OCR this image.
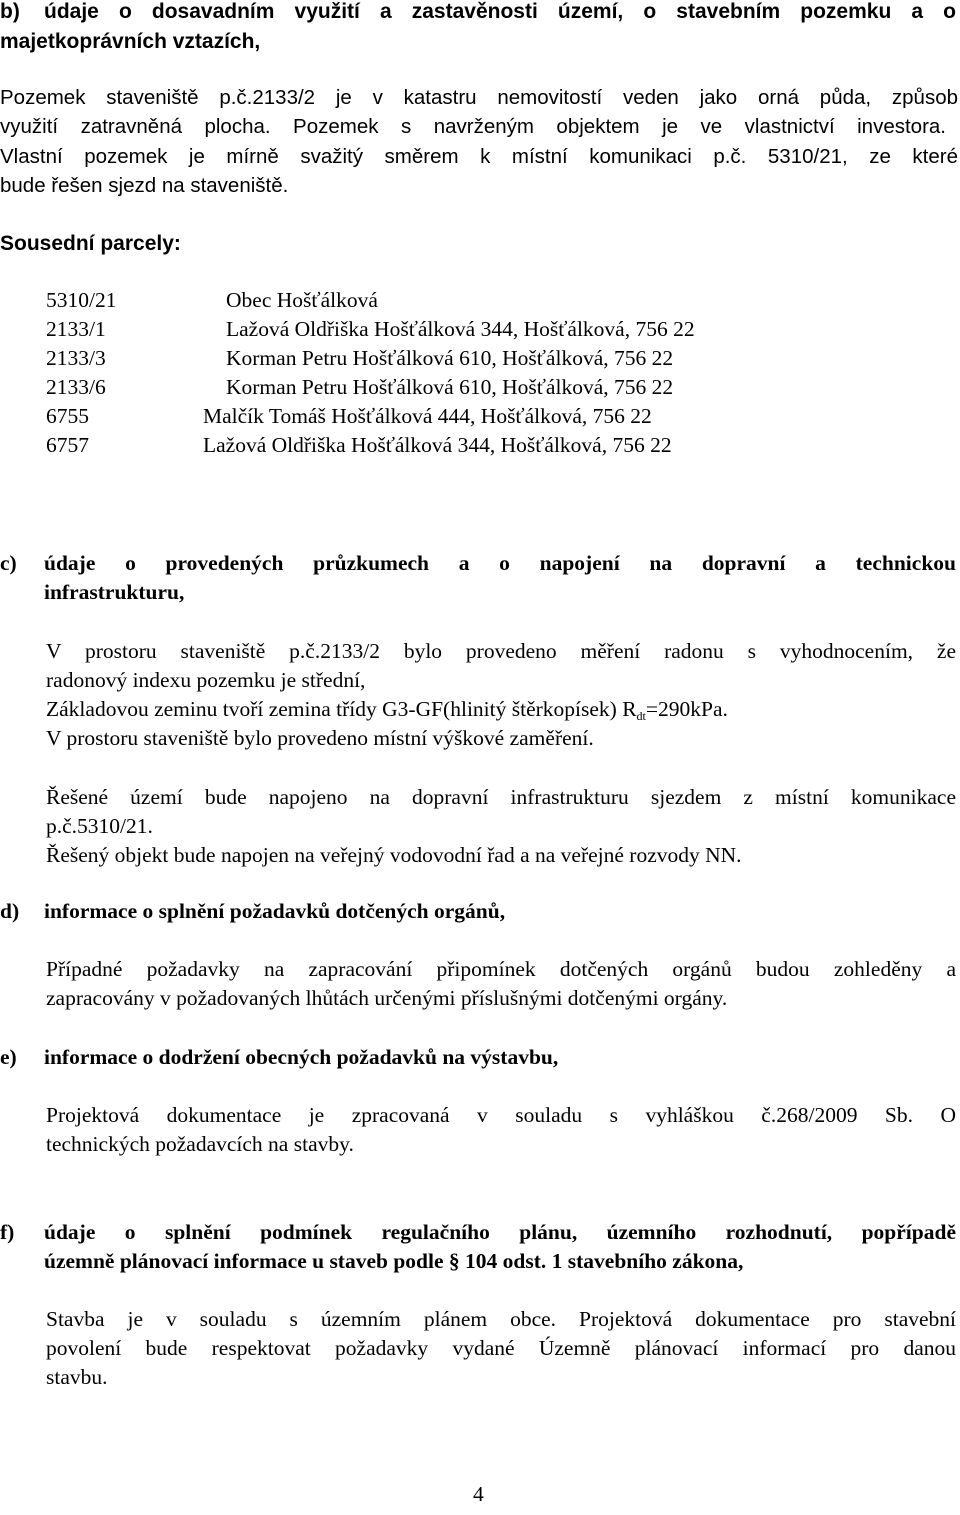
b) údaje o dosavadním využití a zastavěnosti území, o stavebním pozemku a o
majetkoprávních vztazích,
Pozemek staveniště p.č.2133/2 je v katastru nemovitostí veden jako orná půda, způsob
využití zatravněná plocha. Pozemek s navrženým objektem je ve vlastnictví investora.
Vlastní pozemek je mírně svažitý směrem k místní komunikaci p.č. 5310/21, ze které
bude řešen sjezd na staveniště.
Sousední parcely:
5310/21	Obec Hošťálková
2133/1	Lažová Oldřiška Hošťálková 344, Hošťálková, 756 22
2133/3	Korman Petru Hošťálková 610, Hošťálková, 756 22
2133/6	Korman Petru Hošťálková 610, Hošťálková, 756 22
6755	Malčík Tomáš Hošťálková 444, Hošťálková, 756 22
6757	Lažová Oldřiška Hošťálková 344, Hošťálková, 756 22
c) údaje o provedených průzkumech a o napojení na dopravní a technickou
infrastrukturu,
V prostoru staveniště p.č.2133/2 bylo provedeno měření radonu s vyhodnocením, že
radonový indexu pozemku je střední,
Základovou zeminu tvoří zemina třídy G3-GF(hlinitý štěrkopísek) $R_{dt}=290kPa$.
V prostoru staveniště bylo provedeno místní výškové zaměření.
Řešené území bude napojeno na dopravní infrastrukturu sjezdem z místní komunikace
p.č.5310/21.
Řešený objekt bude napojen na veřejný vodovodní řad a na veřejné rozvody NN.
d) informace o splnění požadavků dotčených orgánů,
Případné požadavky na zapracování připomínek dotčených orgánů budou zohleděny a
zapracovány v požadovaných lhůtách určenými příslušnými dotčenými orgány.
e) informace o dodržení obecných požadavků na výstavbu,
Projektová dokumentace je zpracovaná v souladu s vyhláškou č.268/2009 Sb. O
technických požadavcích na stavby.
f) údaje o splnění podmínek regulačního plánu, územního rozhodnutí, popřípadě
územně plánovací informace u staveb podle § 104 odst. 1 stavebního zákona,
Stavba je v souladu s územním plánem obce. Projektová dokumentace pro stavební
povolení bude respektovat požadavky vydané Územně plánovací informací pro danou
stavbu.
4
